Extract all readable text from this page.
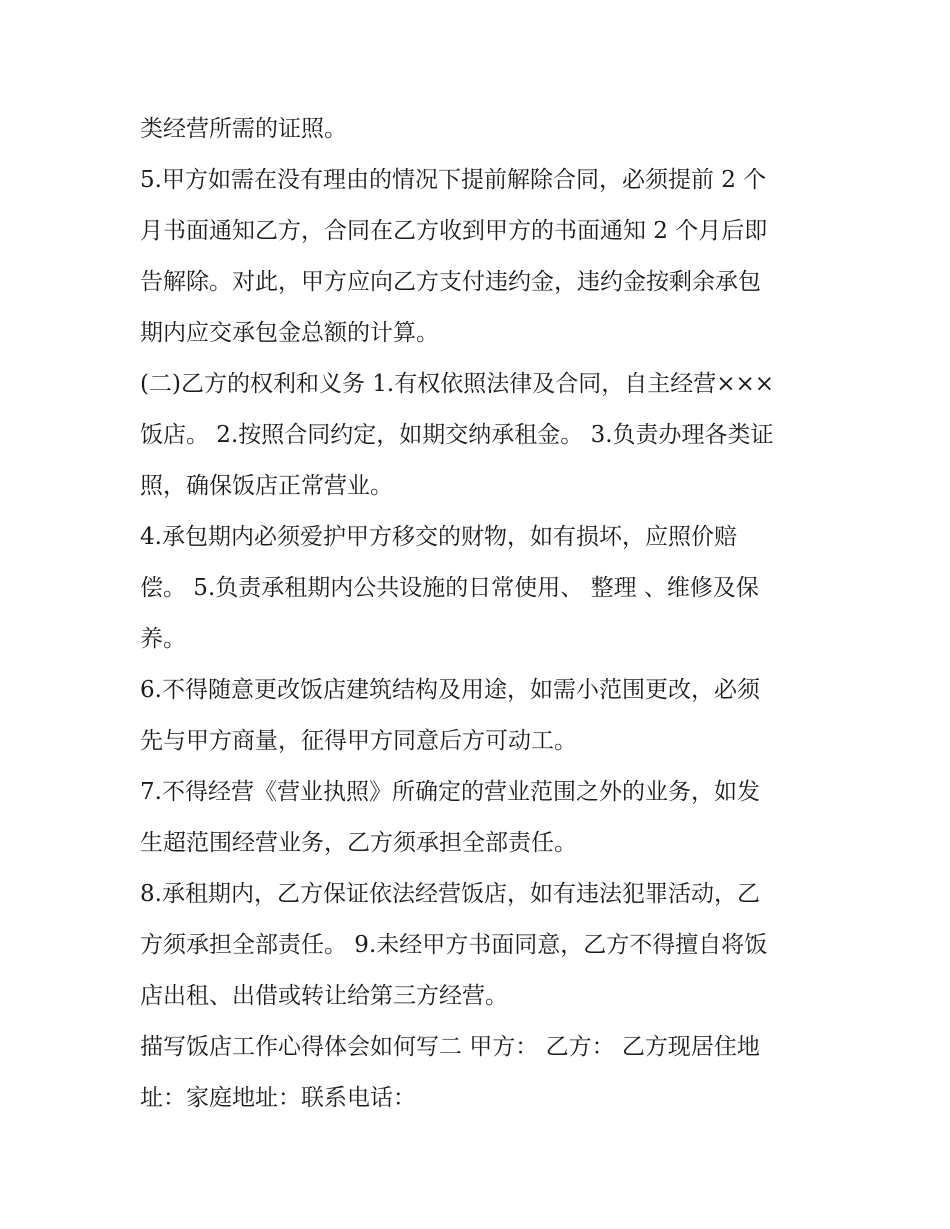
类经营所需的证照。
5.甲方如需在没有理由的情况下提前解除合同，必须提前 2 个
月书面通知乙方，合同在乙方收到甲方的书面通知 2 个月后即
告解除。对此，甲方应向乙方支付违约金，违约金按剩余承包
期内应交承包金总额的计算。
(二)乙方的权利和义务 1.有权依照法律及合同，自主经营×××
饭店。 2.按照合同约定，如期交纳承租金。 3.负责办理各类证
照，确保饭店正常营业。
4.承包期内必须爱护甲方移交的财物，如有损坏，应照价赔
偿。 5.负责承租期内公共设施的日常使用、 整理 、维修及保
养。
6.不得随意更改饭店建筑结构及用途，如需小范围更改，必须
先与甲方商量，征得甲方同意后方可动工。
7.不得经营《营业执照》所确定的营业范围之外的业务，如发
生超范围经营业务，乙方须承担全部责任。
8.承租期内，乙方保证依法经营饭店，如有违法犯罪活动，乙
方须承担全部责任。 9.未经甲方书面同意，乙方不得擅自将饭
店出租、出借或转让给第三方经营。
描写饭店工作心得体会如何写二 甲方： 乙方： 乙方现居住地
址：家庭地址：联系电话：
